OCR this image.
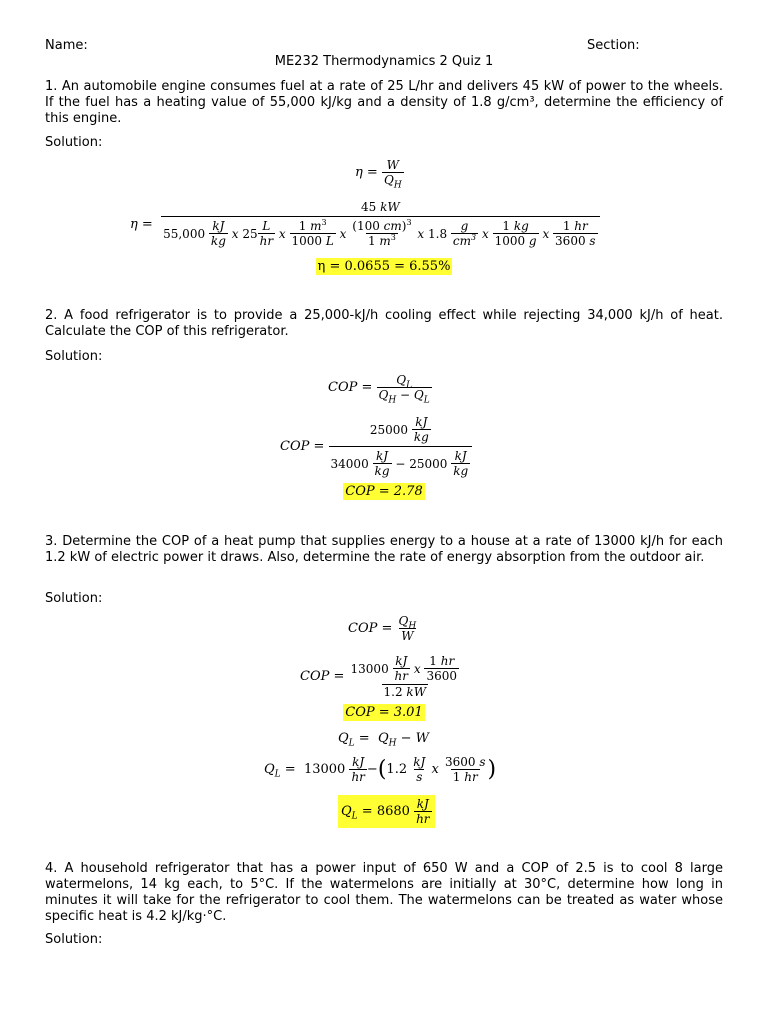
Name:	Section:
ME232 Thermodynamics 2 Quiz 1
1. An automobile engine consumes fuel at a rate of 25 L/hr and delivers 45 kW of power to the wheels. If the fuel has a heating value of 55,000 kJ/kg and a density of 1.8 g/cm³, determine the efficiency of this engine.
Solution:
$\eta = \frac{W}{Q_H}$
η =
45 kW
55,000
$\frac{kJ}{kg}$
x
$25 \frac{L}{hr}$
x
$\frac{1 m^3}{1000 L}$
x
$\frac{(100 cm)^3}{1 m^3}$
x
1.8
$\frac{g}{cm^3}$
x
$\frac{1 kg}{1000 g}$
x
$\frac{1 hr}{3600 s}$
η = 0.0655 = 6.55%
2. A food refrigerator is to provide a 25,000-kJ/h cooling effect while rejecting 34,000 kJ/h of heat. Calculate the COP of this refrigerator.
Solution:
COP = $\frac{Q_L}{Q_H - Q_L}$
COP = 25000
$\frac{kJ}{kg}$
34000
$\frac{kJ}{kg} - 25000$
$\frac{kJ}{kg}$
COP = 2.78
3. Determine the COP of a heat pump that supplies energy to a house at a rate of 13000 kJ/h for each 1.2 kW of electric power it draws. Also, determine the rate of energy absorption from the outdoor air.
Solution:
COP = $\frac{Q_H}{W}$
COP = 13000
$\frac{kJ}{hr}$
x
$\frac{1 hr}{3600}$
1.2 kW
COP = 3.01
$Q_L = Q_H - W$
$Q_L = 13000$
$\frac{kJ}{hr}$ − ( 1.2
$\frac{kJ}{s}$
x
$\frac{3600 s}{1 hr}$ )
$Q_L = 8680$
$\frac{kJ}{hr}$
4. A household refrigerator that has a power input of 650 W and a COP of 2.5 is to cool 8 large watermelons, 14 kg each, to 5°C. If the watermelons are initially at 30°C, determine how long in minutes it will take for the refrigerator to cool them. The watermelons can be treated as water whose specific heat is 4.2 kJ/kg·°C.
Solution:
